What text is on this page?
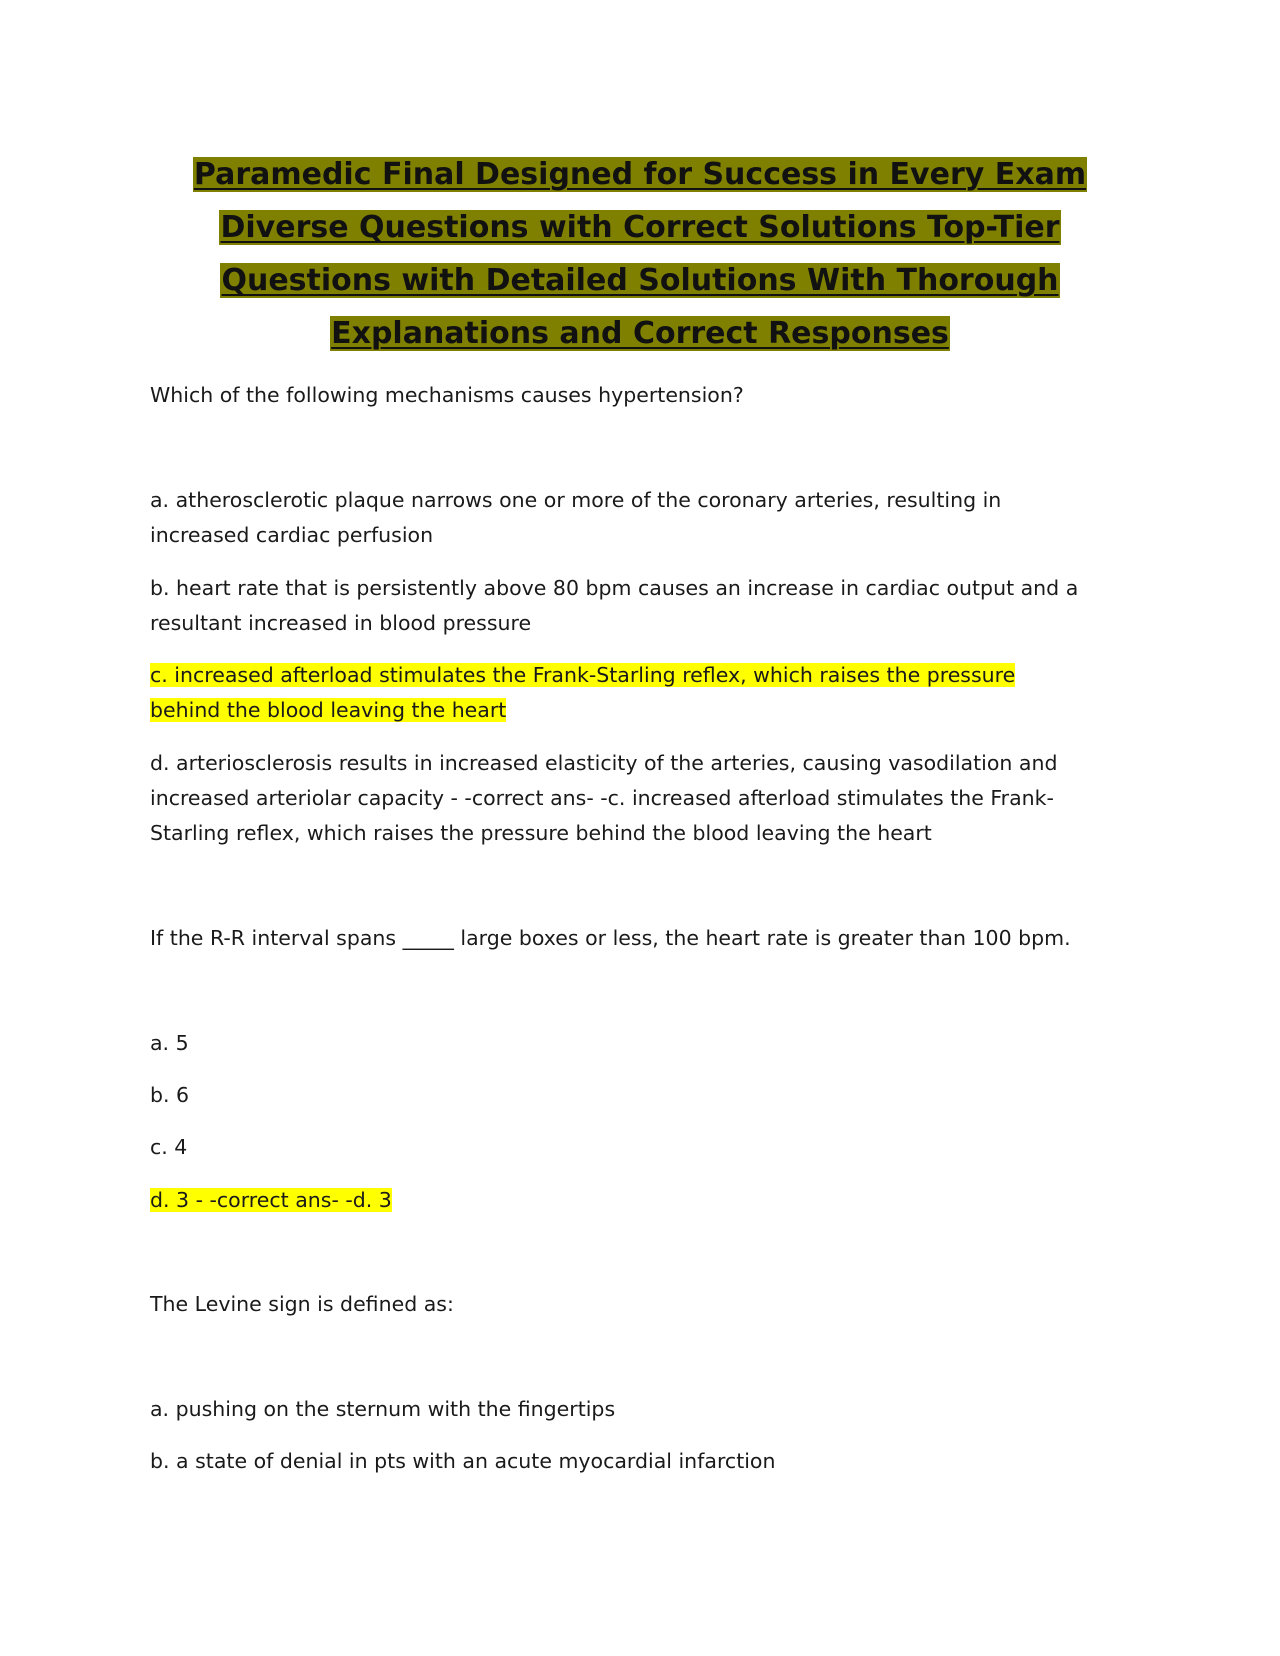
Paramedic Final Designed for Success in Every Exam
Diverse Questions with Correct Solutions Top-Tier
Questions with Detailed Solutions With Thorough
Explanations and Correct Responses

Which of the following mechanisms causes hypertension?

a. atherosclerotic plaque narrows one or more of the coronary arteries, resulting in
increased cardiac perfusion

b. heart rate that is persistently above 80 bpm causes an increase in cardiac output and a
resultant increased in blood pressure

c. increased afterload stimulates the Frank-Starling reflex, which raises the pressure
behind the blood leaving the heart

d. arteriosclerosis results in increased elasticity of the arteries, causing vasodilation and
increased arteriolar capacity - -correct ans- -c. increased afterload stimulates the Frank-
Starling reflex, which raises the pressure behind the blood leaving the heart

If the R-R interval spans _____ large boxes or less, the heart rate is greater than 100 bpm.

a. 5

b. 6

c. 4

d. 3 - -correct ans- -d. 3

The Levine sign is defined as:

a. pushing on the sternum with the fingertips

b. a state of denial in pts with an acute myocardial infarction
